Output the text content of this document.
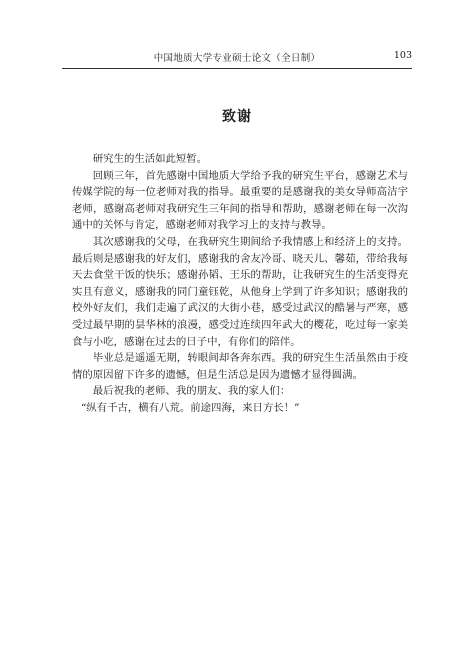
中国地质大学专业硕士论文（全日制）	103
致谢

研究生的生活如此短暂。

回顾三年，首先感谢中国地质大学给予我的研究生平台，感谢艺术与传媒学院的每一位老师对我的指导。最重要的是感谢我的美女导师高洁宇老师，感谢高老师对我研究生三年间的指导和帮助，感谢老师在每一次沟通中的关怀与肯定，感谢老师对我学习上的支持与教导。

其次感谢我的父母，在我研究生期间给予我情感上和经济上的支持。最后则是感谢我的好友们，感谢我的舍友冷哥、晓天儿、馨茹，带给我每天去食堂干饭的快乐；感谢孙韬、王乐的帮助，让我研究生的生活变得充实且有意义，感谢我的同门童钰乾，从他身上学到了许多知识；感谢我的校外好友们，我们走遍了武汉的大街小巷，感受过武汉的酷暑与严寒，感受过最早期的昙华林的浪漫，感受过连续四年武大的樱花，吃过每一家美食与小吃，感谢在过去的日子中，有你们的陪伴。

毕业总是遥遥无期，转眼间却各奔东西。我的研究生生活虽然由于疫情的原因留下许多的遗憾，但是生活总是因为遗憾才显得圆满。

最后祝我的老师、我的朋友、我的家人们：

“纵有千古，横有八荒。前途四海，来日方长！”
